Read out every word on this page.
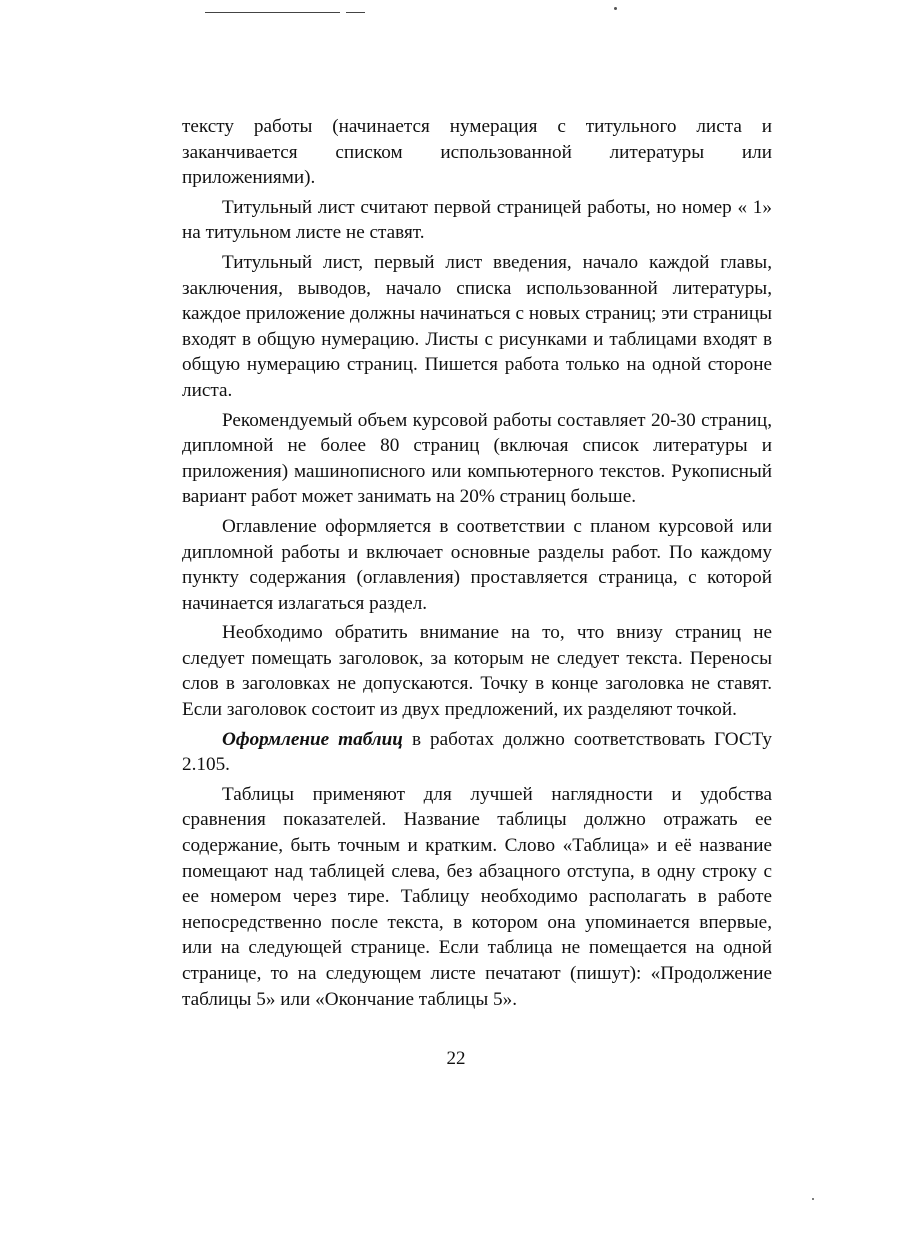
тексту работы (начинается нумерация с титульного листа и заканчивается списком использованной литературы или приложениями).

Титульный лист считают первой страницей работы, но номер « 1» на титульном листе не ставят.

Титульный лист, первый лист введения, начало каждой главы, заключения, выводов, начало списка использованной литературы, каждое приложение должны начинаться с новых страниц; эти страницы входят в общую нумерацию. Листы с рисунками и таблицами входят в общую нумерацию страниц. Пишется работа только на одной стороне листа.

Рекомендуемый объем курсовой работы составляет 20-30 страниц, дипломной не более 80 страниц (включая список литературы и приложения) машинописного или компьютерного текстов. Рукописный вариант работ может занимать на 20% страниц больше.

Оглавление оформляется в соответствии с планом курсовой или дипломной работы и включает основные разделы работ. По каждому пункту содержания (оглавления) проставляется страница, с которой начинается излагаться раздел.

Необходимо обратить внимание на то, что внизу страниц не следует помещать заголовок, за которым не следует текста. Переносы слов в заголовках не допускаются. Точку в конце заголовка не ставят. Если заголовок состоит из двух предложений, их разделяют точкой.

Оформление таблиц в работах должно соответствовать ГОСТу 2.105.

Таблицы применяют для лучшей наглядности и удобства сравнения показателей. Название таблицы должно отражать ее содержание, быть точным и кратким. Слово «Таблица» и её название помещают над таблицей слева, без абзацного отступа, в одну строку с ее номером через тире. Таблицу необходимо располагать в работе непосредственно после текста, в котором она упоминается впервые, или на следующей странице. Если таблица не помещается на одной странице, то на следующем листе печатают (пишут): «Продолжение таблицы 5» или «Окончание таблицы 5».

22
